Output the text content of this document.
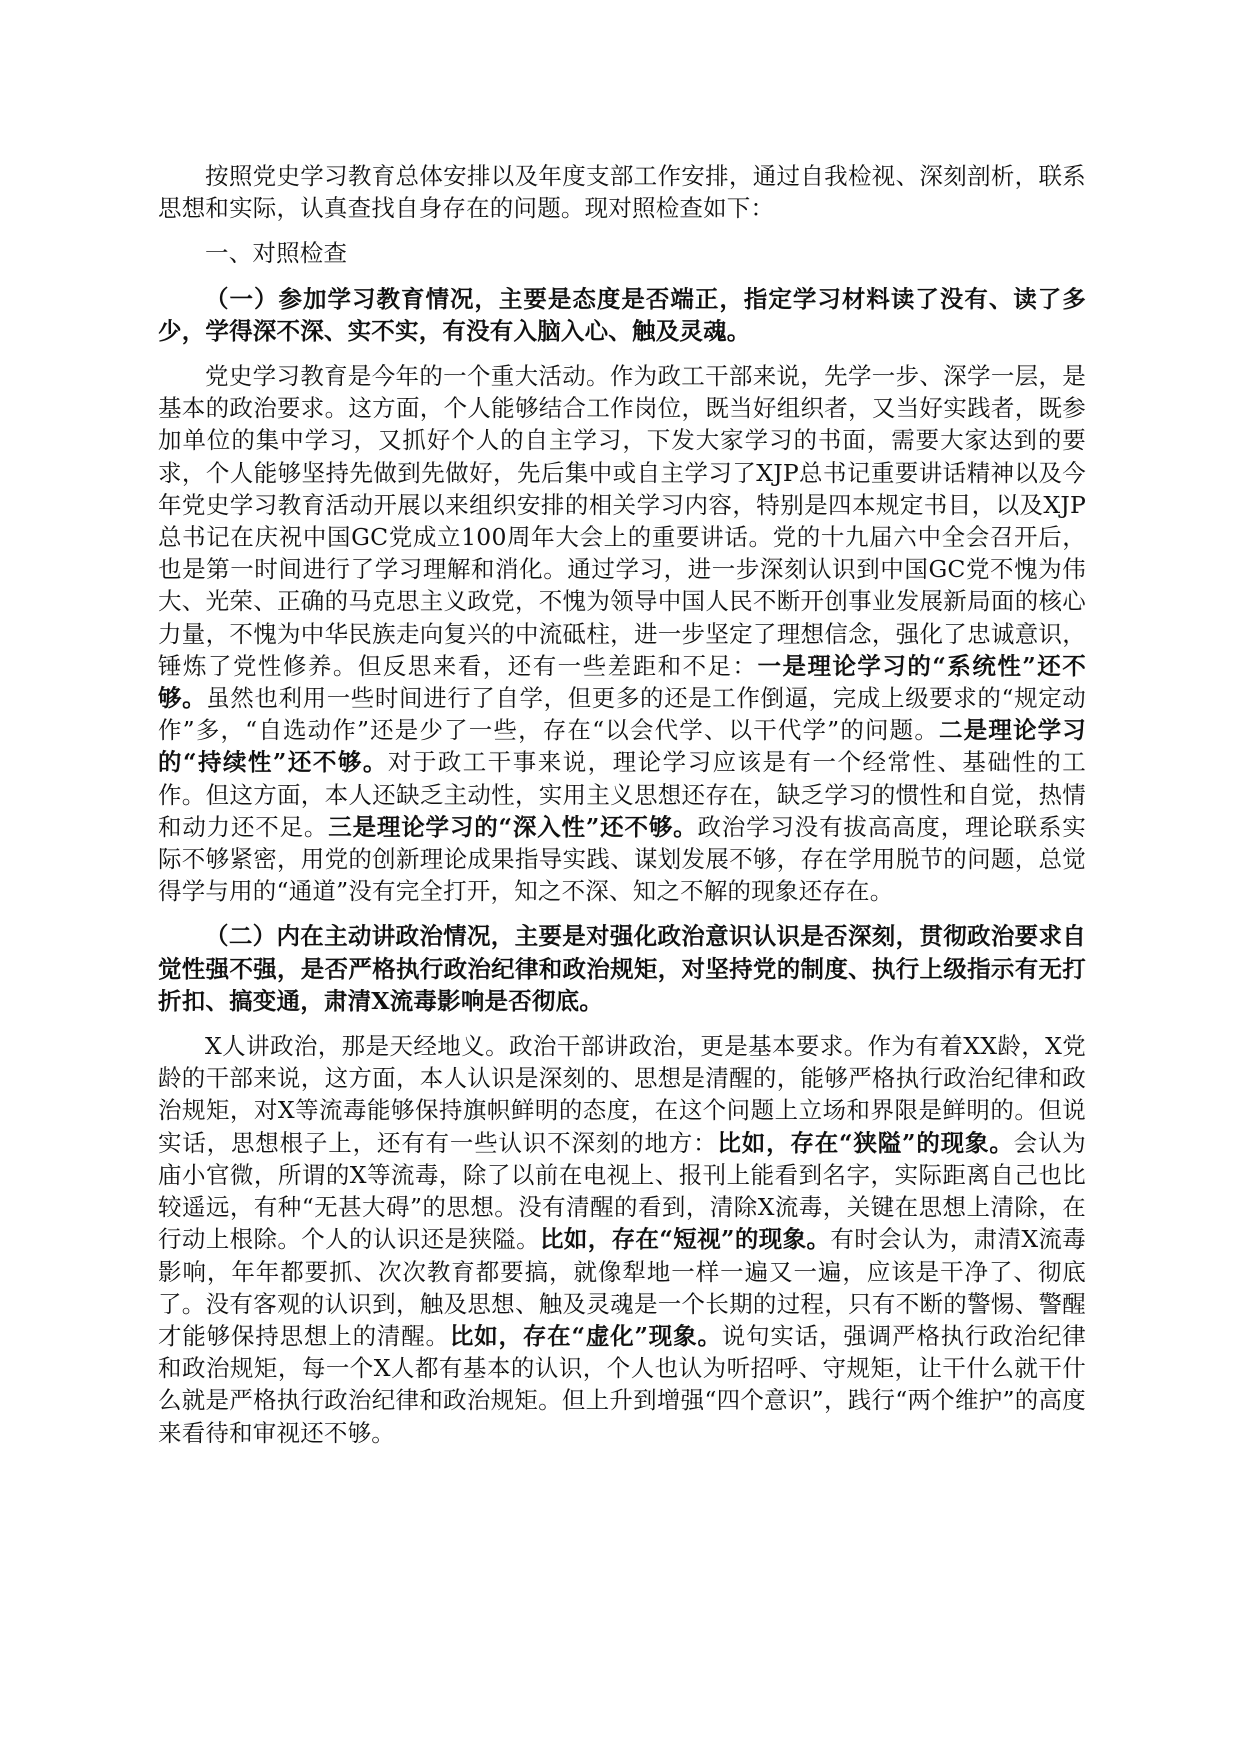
按照党史学习教育总体安排以及年度支部工作安排，通过自我检视、深刻剖析，联系思想和实际，认真查找自身存在的问题。现对照检查如下：

一、对照检查

（一）参加学习教育情况，主要是态度是否端正，指定学习材料读了没有、读了多少，学得深不深、实不实，有没有入脑入心、触及灵魂。

党史学习教育是今年的一个重大活动。作为政工干部来说，先学一步、深学一层，是基本的政治要求。这方面，个人能够结合工作岗位，既当好组织者，又当好实践者，既参加单位的集中学习，又抓好个人的自主学习，下发大家学习的书面，需要大家达到的要求，个人能够坚持先做到先做好，先后集中或自主学习了XJP总书记重要讲话精神以及今年党史学习教育活动开展以来组织安排的相关学习内容，特别是四本规定书目，以及XJP总书记在庆祝中国GC党成立100周年大会上的重要讲话。党的十九届六中全会召开后，也是第一时间进行了学习理解和消化。通过学习，进一步深刻认识到中国GC党不愧为伟大、光荣、正确的马克思主义政党，不愧为领导中国人民不断开创事业发展新局面的核心力量，不愧为中华民族走向复兴的中流砥柱，进一步坚定了理想信念，强化了忠诚意识，锤炼了党性修养。但反思来看，还有一些差距和不足：一是理论学习的“系统性”还不够。虽然也利用一些时间进行了自学，但更多的还是工作倒逼，完成上级要求的“规定动作”多，“自选动作”还是少了一些，存在“以会代学、以干代学”的问题。二是理论学习的“持续性”还不够。对于政工干事来说，理论学习应该是有一个经常性、基础性的工作。但这方面，本人还缺乏主动性，实用主义思想还存在，缺乏学习的惯性和自觉，热情和动力还不足。三是理论学习的“深入性”还不够。政治学习没有拔高高度，理论联系实际不够紧密，用党的创新理论成果指导实践、谋划发展不够，存在学用脱节的问题，总觉得学与用的“通道”没有完全打开，知之不深、知之不解的现象还存在。

（二）内在主动讲政治情况，主要是对强化政治意识认识是否深刻，贯彻政治要求自觉性强不强，是否严格执行政治纪律和政治规矩，对坚持党的制度、执行上级指示有无打折扣、搞变通，肃清X流毒影响是否彻底。

X人讲政治，那是天经地义。政治干部讲政治，更是基本要求。作为有着XX龄，X党龄的干部来说，这方面，本人认识是深刻的、思想是清醒的，能够严格执行政治纪律和政治规矩，对X等流毒能够保持旗帜鲜明的态度，在这个问题上立场和界限是鲜明的。但说实话，思想根子上，还有有一些认识不深刻的地方：比如，存在“狭隘”的现象。会认为庙小官微，所谓的X等流毒，除了以前在电视上、报刊上能看到名字，实际距离自己也比较遥远，有种“无甚大碍”的思想。没有清醒的看到，清除X流毒，关键在思想上清除，在行动上根除。个人的认识还是狭隘。比如，存在“短视”的现象。有时会认为，肃清X流毒影响，年年都要抓、次次教育都要搞，就像犁地一样一遍又一遍，应该是干净了、彻底了。没有客观的认识到，触及思想、触及灵魂是一个长期的过程，只有不断的警惕、警醒才能够保持思想上的清醒。比如，存在“虚化”现象。说句实话，强调严格执行政治纪律和政治规矩，每一个X人都有基本的认识，个人也认为听招呼、守规矩，让干什么就干什么就是严格执行政治纪律和政治规矩。但上升到增强“四个意识”，践行“两个维护”的高度来看待和审视还不够。
